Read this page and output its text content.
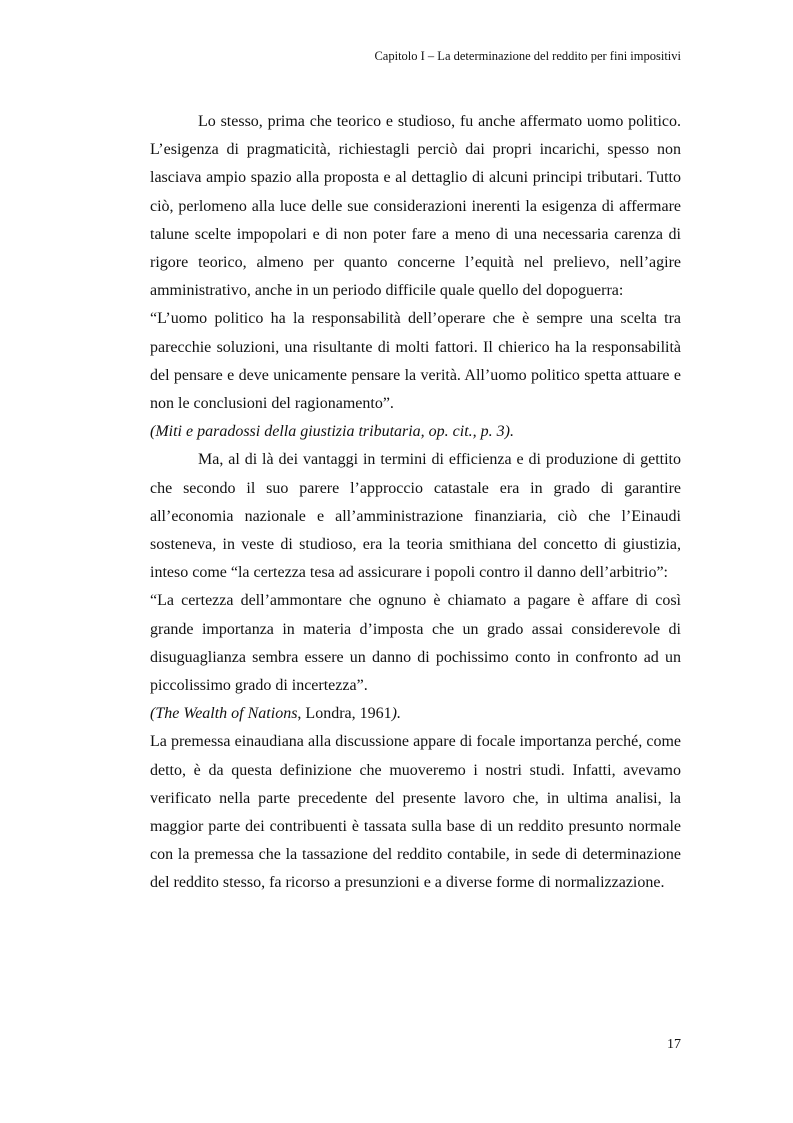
Capitolo I – La determinazione del reddito per fini impositivi

Lo stesso, prima che teorico e studioso, fu anche affermato uomo politico. L’esigenza di pragmaticità, richiestagli perciò dai propri incarichi, spesso non lasciava ampio spazio alla proposta e al dettaglio di alcuni principi tributari. Tutto ciò, perlomeno alla luce delle sue considerazioni inerenti la esigenza di affermare talune scelte impopolari e di non poter fare a meno di una necessaria carenza di rigore teorico, almeno per quanto concerne l’equità nel prelievo, nell’agire amministrativo, anche in un periodo difficile quale quello del dopoguerra:

“L’uomo politico ha la responsabilità dell’operare che è sempre una scelta tra parecchie soluzioni, una risultante di molti fattori. Il chierico ha la responsabilità del pensare e deve unicamente pensare la verità. All’uomo politico spetta attuare e non le conclusioni del ragionamento”.

(Miti e paradossi della giustizia tributaria, op. cit., p. 3).

Ma, al di là dei vantaggi in termini di efficienza e di produzione di gettito che secondo il suo parere l’approccio catastale era in grado di garantire all’economia nazionale e all’amministrazione finanziaria, ciò che l’Einaudi sosteneva, in veste di studioso, era la teoria smithiana del concetto di giustizia, inteso come “la certezza tesa ad assicurare i popoli contro il danno dell’arbitrio”:

“La certezza dell’ammontare che ognuno è chiamato a pagare è affare di così grande importanza in materia d’imposta che un grado assai considerevole di disuguaglianza sembra essere un danno di pochissimo conto in confronto ad un piccolissimo grado di incertezza”.

(The Wealth of Nations, Londra, 1961).

La premessa einaudiana alla discussione appare di focale importanza perché, come detto, è da questa definizione che muoveremo i nostri studi. Infatti, avevamo verificato nella parte precedente del presente lavoro che, in ultima analisi, la maggior parte dei contribuenti è tassata sulla base di un reddito presunto normale con la premessa che la tassazione del reddito contabile, in sede di determinazione del reddito stesso, fa ricorso a presunzioni e a diverse forme di normalizzazione.

17
